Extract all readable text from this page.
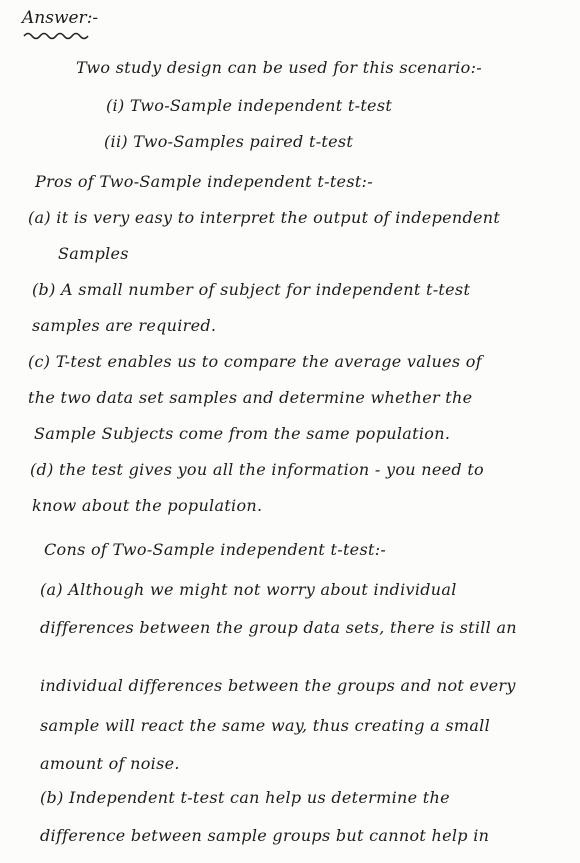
Answer:-
Two study design can be used for this scenario:-
(i) Two-Sample independent t-test
(ii) Two-Samples paired t-test
Pros of Two-Sample independent t-test:-
(a) it is very easy to interpret the output of independent
Samples
(b) A small number of subject for independent t-test
samples are required.
(c) T-test enables us to compare the average values of
the two data set samples and determine whether the
Sample Subjects come from the same population.
(d) the test gives you all the information - you need to
know about the population.
Cons of Two-Sample independent t-test:-
(a) Although we might not worry about individual
differences between the group data sets, there is still an
individual differences between the groups and not every
sample will react the same way, thus creating a small
amount of noise.
(b) Independent t-test can help us determine the
difference between sample groups but cannot help in
